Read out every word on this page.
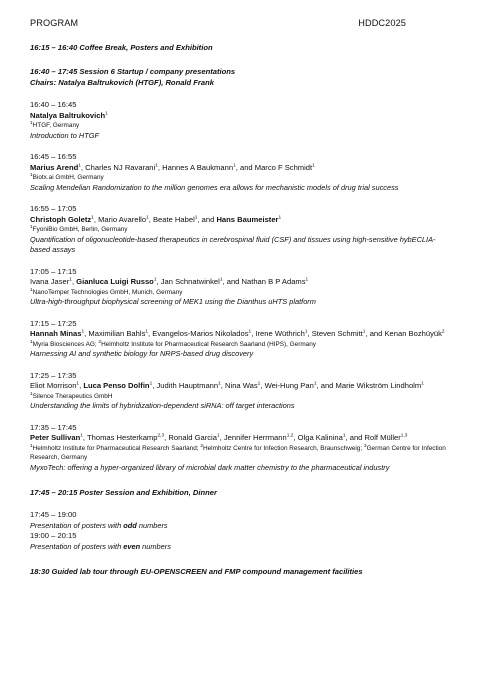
PROGRAM	HDDC2025
16:15 – 16:40 Coffee Break, Posters and Exhibition
16:40 – 17:45 Session 6 Startup / company presentations
Chairs: Natalya Baltrukovich (HTGF), Ronald Frank
16:40 – 16:45
Natalya Baltrukovich$^1$
$^1$HTGF, Germany
Introduction to HTGF
16:45 – 16:55
Marius Arend$^1$, Charles NJ Ravarani$^1$, Hannes A Baukmann$^1$, and Marco F Schmidt$^1$
$^1$Biotx.ai GmbH, Germany
Scaling Mendelian Randomization to the million genomes era allows for mechanistic models of drug trial success
16:55 – 17:05
Christoph Goletz$^1$, Mario Avarello$^1$, Beate Habel$^1$, and Hans Baumeister$^1$
$^1$FyoniBio GmbH, Berlin, Germany
Quantification of oligonucleotide-based therapeutics in cerebrospinal fluid (CSF) and tissues using high-sensitive hybECLIA-based assays
17:05 – 17:15
Ivana Jaser$^1$, Gianluca Luigi Russo$^1$, Jan Schnatwinkel$^1$, and Nathan B P Adams$^1$
$^1$NanoTemper Technologies GmbH, Munich, Germany
Ultra-high-throughput biophysical screening of MEK1 using the Dianthus uHTS platform
17:15 – 17:25
Hannah Minas$^1$, Maximilian Bahls$^1$, Evangelos-Marios Nikolados$^1$, Irene Wüthrich$^1$, Steven Schmitt$^1$, and Kenan Bozhüyük$^2$
$^1$Myria Biosciences AG; $^2$Helmholtz Institute for Pharmaceutical Research Saarland (HIPS), Germany
Harnessing AI and synthetic biology for NRPS-based drug discovery
17:25 – 17:35
Eliot Morrison$^1$, Luca Penso Dolfin$^1$, Judith Hauptmann$^1$, Nina Was$^1$, Wei-Hung Pan$^1$, and Marie Wikström Lindholm$^1$
$^1$Silence Therapeutics GmbH
Understanding the limits of hybridization-dependent siRNA: off target interactions
17:35 – 17:45
Peter Sullivan$^1$, Thomas Hesterkamp$^{2,3}$, Ronald Garcia$^1$, Jennifer Herrmann$^{1,2}$, Olga Kalinina$^1$, and Rolf Müller$^{1,3}$
$^1$Helmholtz Institute for Pharmaceutical Research Saarland; $^2$Helmholtz Centre for Infection Research, Braunschweig; $^3$German Centre for Infection Research, Germany
MyxoTech: offering a hyper-organized library of microbial dark matter chemistry to the pharmaceutical industry
17:45 – 20:15 Poster Session and Exhibition, Dinner
17:45 – 19:00
Presentation of posters with odd numbers
19:00 – 20:15
Presentation of posters with even numbers
18:30 Guided lab tour through EU-OPENSCREEN and FMP compound management facilities
